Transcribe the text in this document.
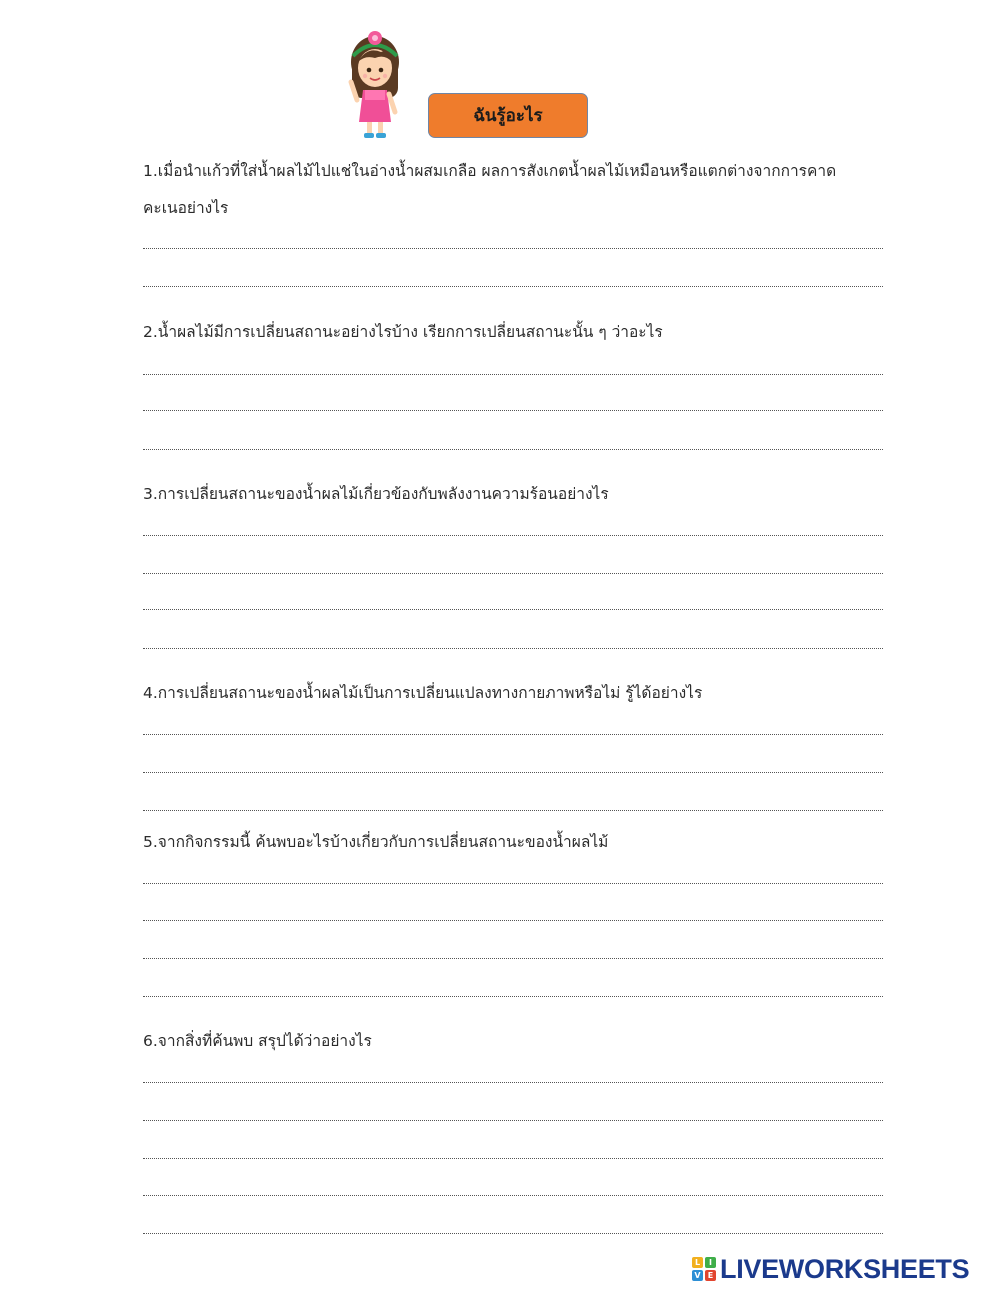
ฉันรู้อะไร

1.เมื่อนำแก้วที่ใส่น้ำผลไม้ไปแช่ในอ่างน้ำผสมเกลือ ผลการสังเกตน้ำผลไม้เหมือนหรือแตกต่างจากการคาดคะเนอย่างไร

2.น้ำผลไม้มีการเปลี่ยนสถานะอย่างไรบ้าง เรียกการเปลี่ยนสถานะนั้น ๆ ว่าอะไร

3.การเปลี่ยนสถานะของน้ำผลไม้เกี่ยวข้องกับพลังงานความร้อนอย่างไร

4.การเปลี่ยนสถานะของน้ำผลไม้เป็นการเปลี่ยนแปลงทางกายภาพหรือไม่ รู้ได้อย่างไร

5.จากกิจกรรมนี้ ค้นพบอะไรบ้างเกี่ยวกับการเปลี่ยนสถานะของน้ำผลไม้

6.จากสิ่งที่ค้นพบ สรุปได้ว่าอย่างไร

L	I
V E LIVEWORKSHEETS
